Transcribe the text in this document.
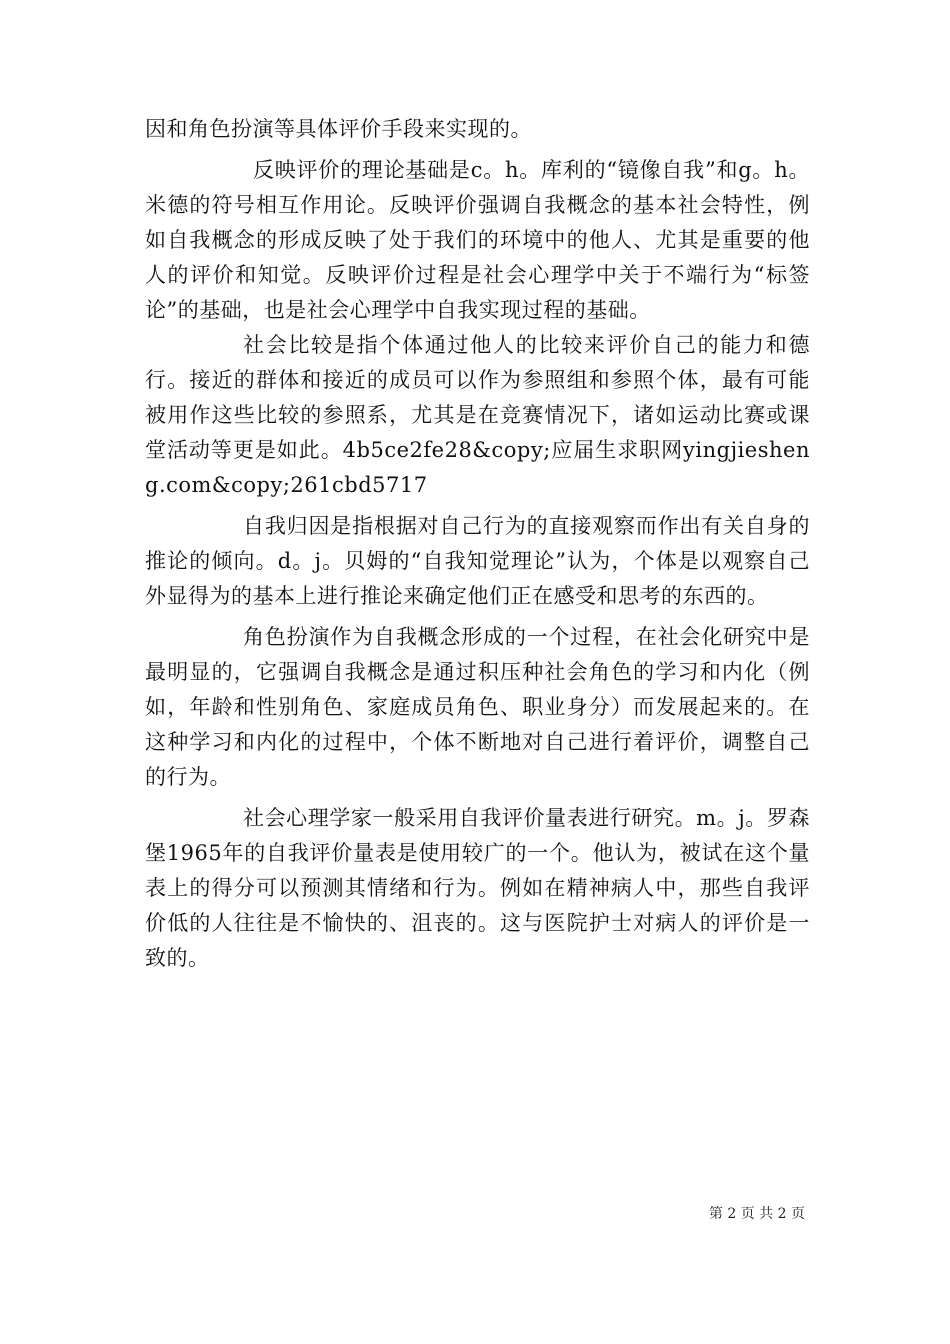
因和角色扮演等具体评价手段来实现的。

反映评价的理论基础是c。h。库利的“镜像自我”和g。h。米德的符号相互作用论。反映评价强调自我概念的基本社会特性，例如自我概念的形成反映了处于我们的环境中的他人、尤其是重要的他人的评价和知觉。反映评价过程是社会心理学中关于不端行为“标签论”的基础，也是社会心理学中自我实现过程的基础。

社会比较是指个体通过他人的比较来评价自己的能力和德行。接近的群体和接近的成员可以作为参照组和参照个体，最有可能被用作这些比较的参照系，尤其是在竞赛情况下，诸如运动比赛或课堂活动等更是如此。4b5ce2fe28&copy;应届生求职网yingjiesheng.com&copy;261cbd5717

自我归因是指根据对自己行为的直接观察而作出有关自身的推论的倾向。d。j。贝姆的“自我知觉理论”认为，个体是以观察自己外显得为的基本上进行推论来确定他们正在感受和思考的东西的。

角色扮演作为自我概念形成的一个过程，在社会化研究中是最明显的，它强调自我概念是通过积压种社会角色的学习和内化（例如，年龄和性别角色、家庭成员角色、职业身分）而发展起来的。在这种学习和内化的过程中，个体不断地对自己进行着评价，调整自己的行为。

社会心理学家一般采用自我评价量表进行研究。m。j。罗森堡1965年的自我评价量表是使用较广的一个。他认为，被试在这个量表上的得分可以预测其情绪和行为。例如在精神病人中，那些自我评价低的人往往是不愉快的、沮丧的。这与医院护士对病人的评价是一致的。

第 2 页 共 2 页
